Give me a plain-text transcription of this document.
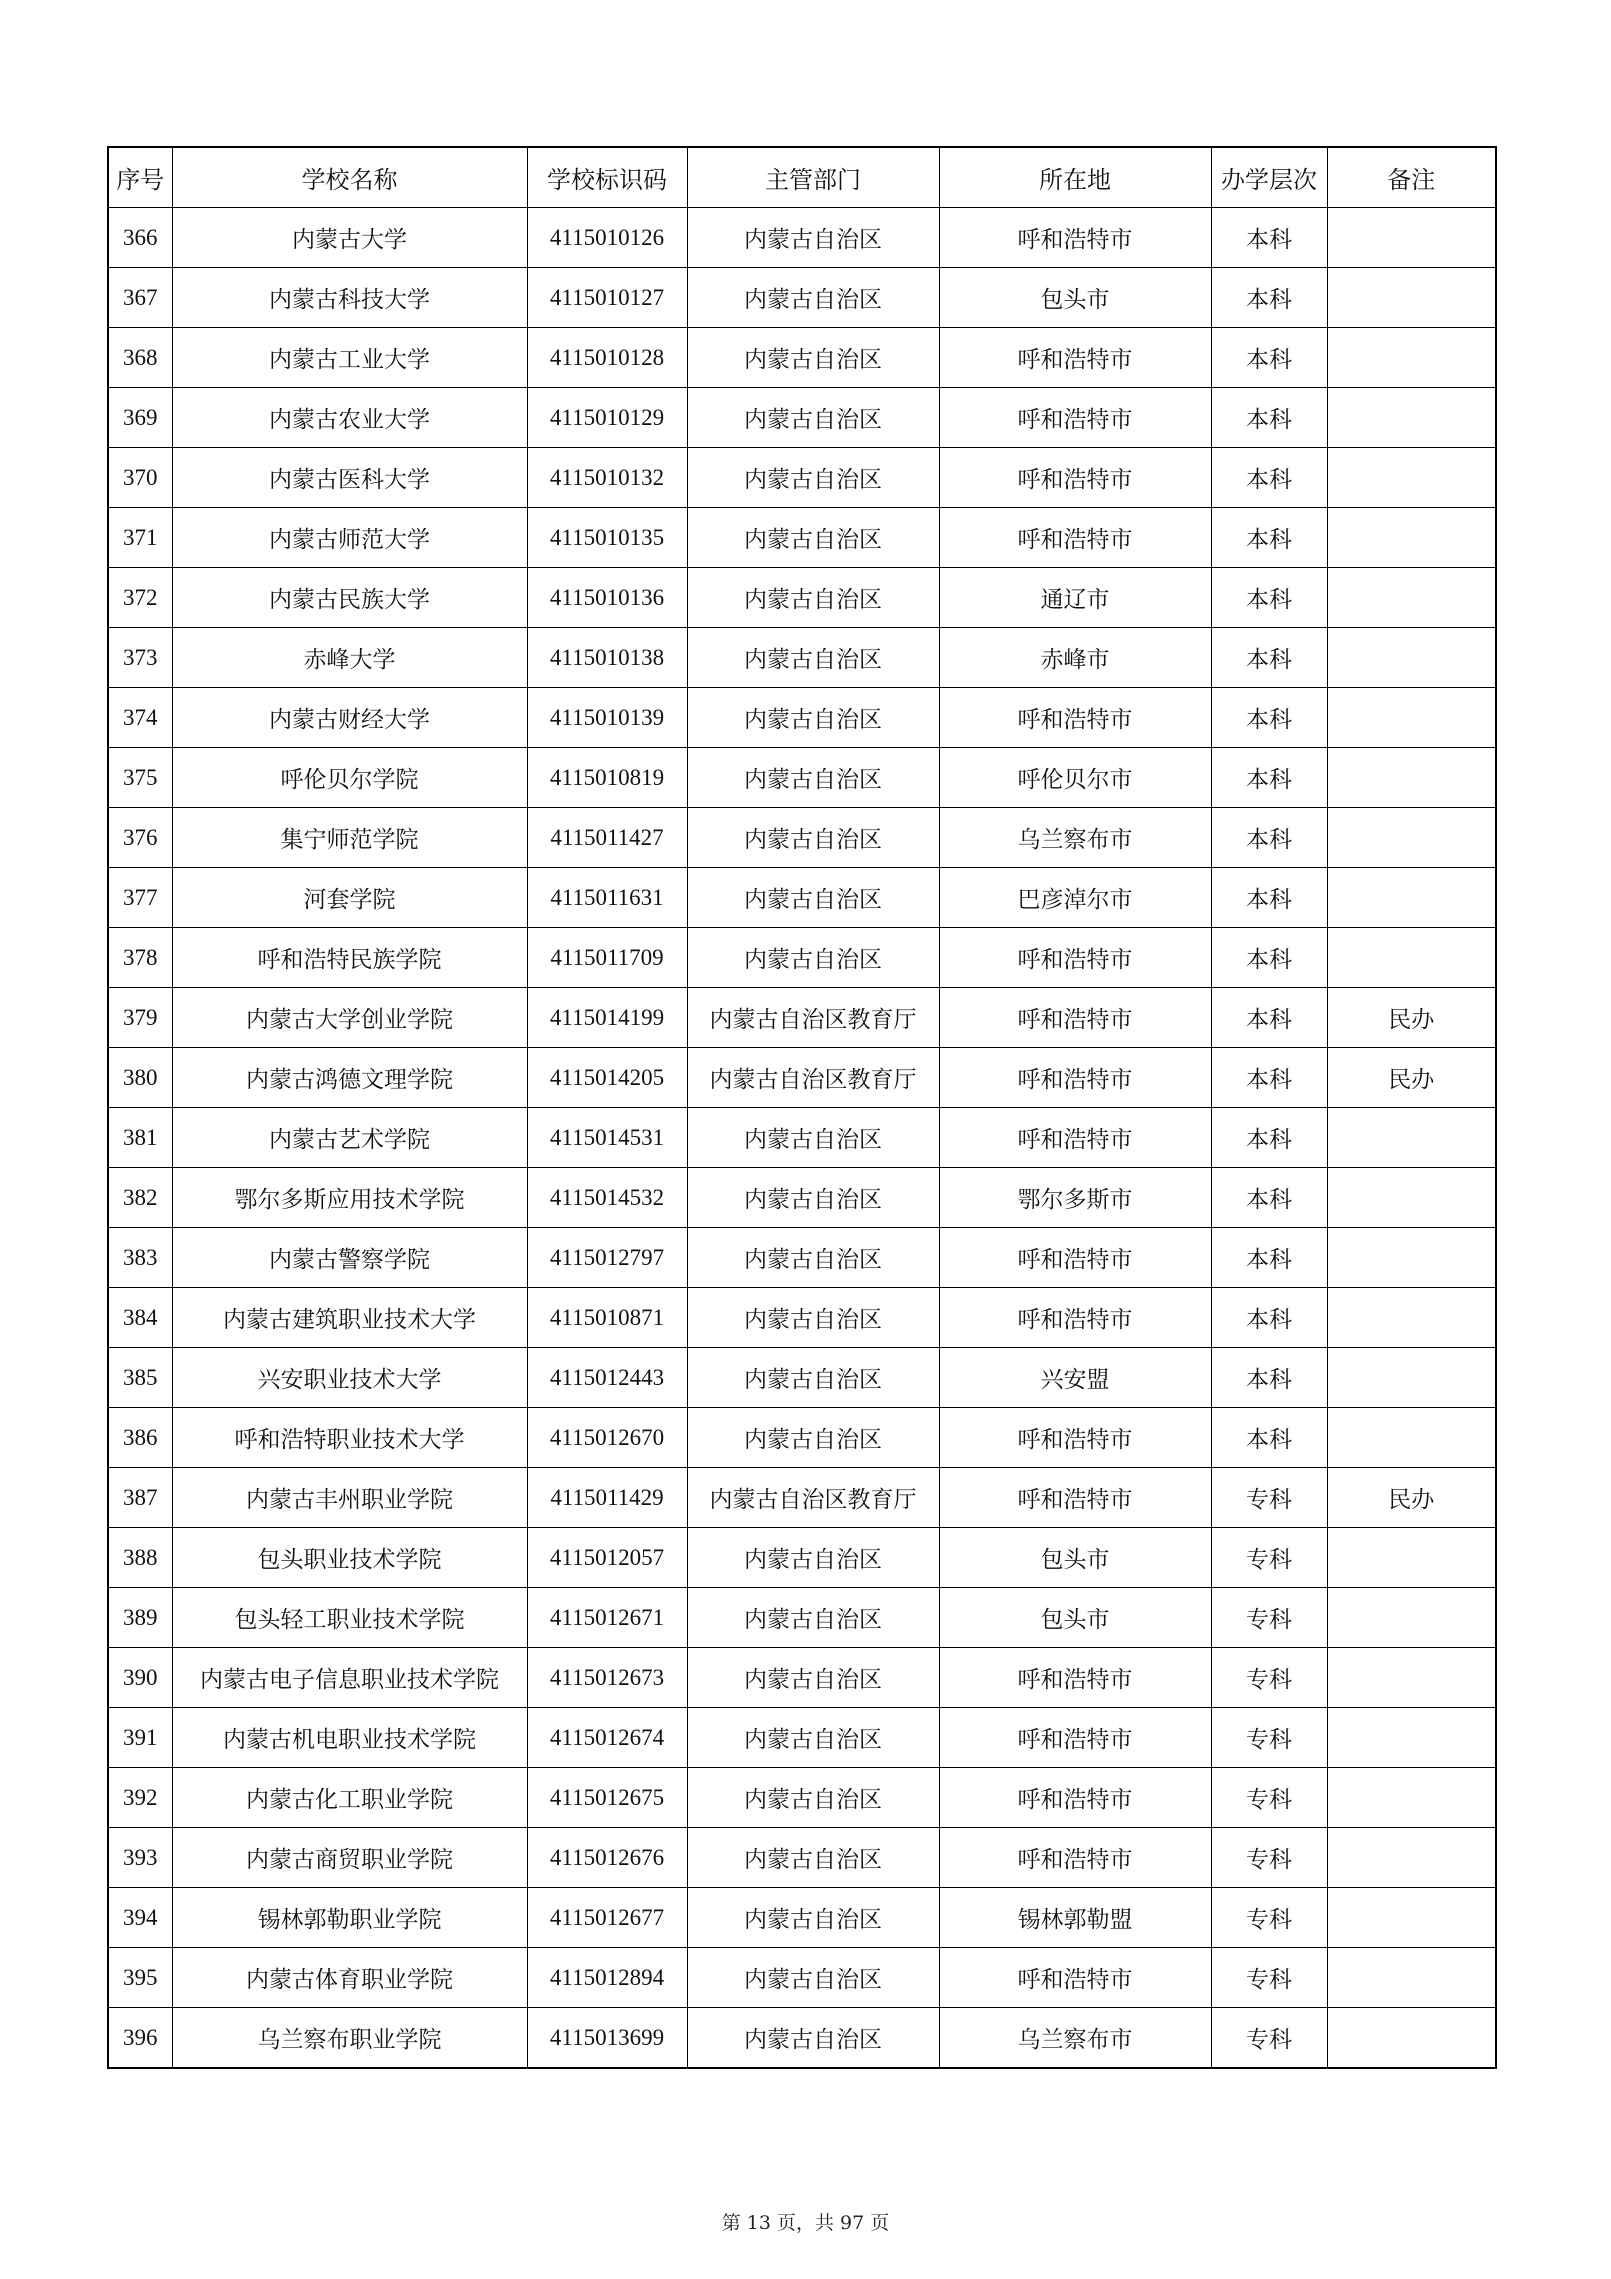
序号	学校名称	学校标识码	主管部门	所在地	办学层次	备注
366	内蒙古大学	4115010126	内蒙古自治区	呼和浩特市	本科	
367	内蒙古科技大学	4115010127	内蒙古自治区	包头市	本科	
368	内蒙古工业大学	4115010128	内蒙古自治区	呼和浩特市	本科	
369	内蒙古农业大学	4115010129	内蒙古自治区	呼和浩特市	本科	
370	内蒙古医科大学	4115010132	内蒙古自治区	呼和浩特市	本科	
371	内蒙古师范大学	4115010135	内蒙古自治区	呼和浩特市	本科	
372	内蒙古民族大学	4115010136	内蒙古自治区	通辽市	本科	
373	赤峰大学	4115010138	内蒙古自治区	赤峰市	本科	
374	内蒙古财经大学	4115010139	内蒙古自治区	呼和浩特市	本科	
375	呼伦贝尔学院	4115010819	内蒙古自治区	呼伦贝尔市	本科	
376	集宁师范学院	4115011427	内蒙古自治区	乌兰察布市	本科	
377	河套学院	4115011631	内蒙古自治区	巴彦淖尔市	本科	
378	呼和浩特民族学院	4115011709	内蒙古自治区	呼和浩特市	本科	
379	内蒙古大学创业学院	4115014199	内蒙古自治区教育厅	呼和浩特市	本科	民办
380	内蒙古鸿德文理学院	4115014205	内蒙古自治区教育厅	呼和浩特市	本科	民办
381	内蒙古艺术学院	4115014531	内蒙古自治区	呼和浩特市	本科	
382	鄂尔多斯应用技术学院	4115014532	内蒙古自治区	鄂尔多斯市	本科	
383	内蒙古警察学院	4115012797	内蒙古自治区	呼和浩特市	本科	
384	内蒙古建筑职业技术大学	4115010871	内蒙古自治区	呼和浩特市	本科	
385	兴安职业技术大学	4115012443	内蒙古自治区	兴安盟	本科	
386	呼和浩特职业技术大学	4115012670	内蒙古自治区	呼和浩特市	本科	
387	内蒙古丰州职业学院	4115011429	内蒙古自治区教育厅	呼和浩特市	专科	民办
388	包头职业技术学院	4115012057	内蒙古自治区	包头市	专科	
389	包头轻工职业技术学院	4115012671	内蒙古自治区	包头市	专科	
390	内蒙古电子信息职业技术学院	4115012673	内蒙古自治区	呼和浩特市	专科	
391	内蒙古机电职业技术学院	4115012674	内蒙古自治区	呼和浩特市	专科	
392	内蒙古化工职业学院	4115012675	内蒙古自治区	呼和浩特市	专科	
393	内蒙古商贸职业学院	4115012676	内蒙古自治区	呼和浩特市	专科	
394	锡林郭勒职业学院	4115012677	内蒙古自治区	锡林郭勒盟	专科	
395	内蒙古体育职业学院	4115012894	内蒙古自治区	呼和浩特市	专科	
396	乌兰察布职业学院	4115013699	内蒙古自治区	乌兰察布市	专科	
第 13 页，共 97 页
